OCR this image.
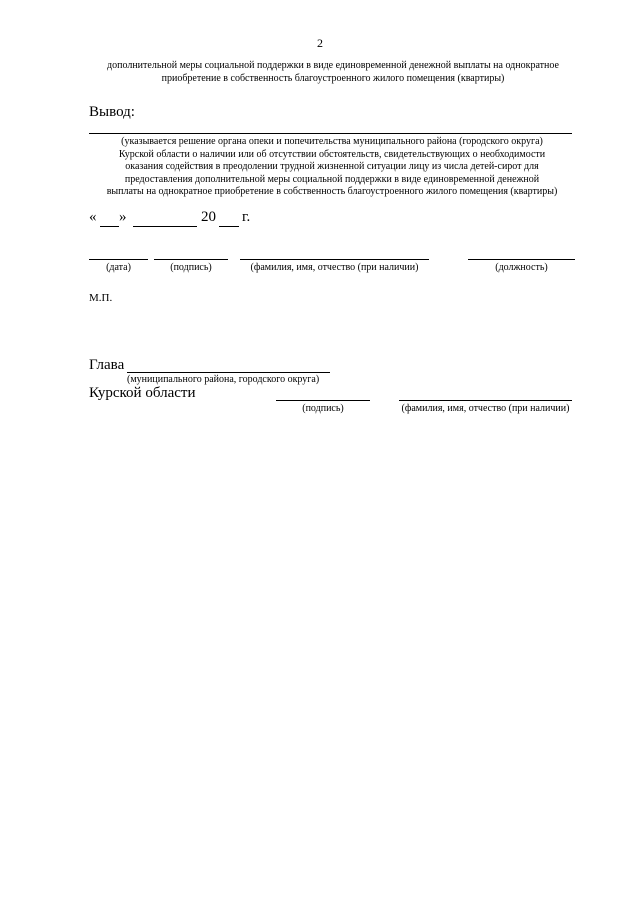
2
дополнительной меры социальной поддержки в виде единовременной денежной выплаты на однократное
приобретение в собственность благоустроенного жилого помещения (квартиры)
Вывод:
(указывается решение органа опеки и попечительства муниципального района (городского округа)
Курской области о наличии или об отсутствии обстоятельств, свидетельствующих о необходимости
оказания содействия в преодолении трудной жизненной ситуации лицу из числа детей-сирот для
предоставления дополнительной меры социальной поддержки в виде единовременной денежной
выплаты на однократное приобретение в собственность благоустроенного жилого помещения (квартиры)
« »	20 г.
(дата)	(подпись)	(фамилия, имя, отчество (при наличии)	(должность)
М.П.
Глава
(муниципального района, городского округа)
Курской области
(подпись)	(фамилия, имя, отчество (при наличии)
